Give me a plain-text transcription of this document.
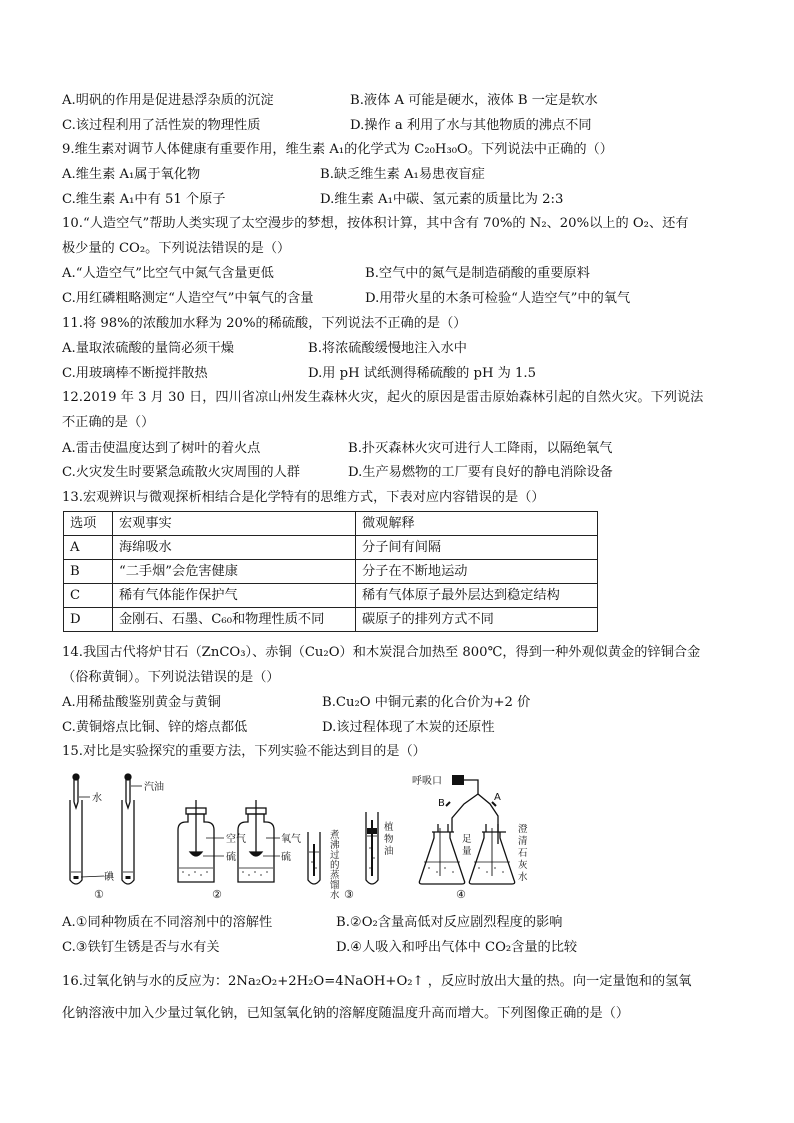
A.明矾的作用是促进悬浮杂质的沉淀	B.液体 A 可能是硬水，液体 B 一定是软水
C.该过程利用了活性炭的物理性质	D.操作 a 利用了水与其他物质的沸点不同
9.维生素对调节人体健康有重要作用，维生素 A₁的化学式为 C₂₀H₃₀O。下列说法中正确的（）
A.维生素 A₁属于氧化物	B.缺乏维生素 A₁易患夜盲症
C.维生素 A₁中有 51 个原子	D.维生素 A₁中碳、氢元素的质量比为 2:3
10.“人造空气”帮助人类实现了太空漫步的梦想，按体积计算，其中含有 70%的 N₂、20%以上的 O₂、还有
极少量的 CO₂。下列说法错误的是（）
A.“人造空气”比空气中氮气含量更低	B.空气中的氮气是制造硝酸的重要原料
C.用红磷粗略测定“人造空气”中氧气的含量	D.用带火星的木条可检验“人造空气”中的氧气
11.将 98%的浓酸加水释为 20%的稀硫酸，下列说法不正确的是（）
A.量取浓硫酸的量筒必须干燥	B.将浓硫酸缓慢地注入水中
C.用玻璃棒不断搅拌散热	D.用 pH 试纸测得稀硫酸的 pH 为 1.5
12.2019 年 3 月 30 日，四川省凉山州发生森林火灾，起火的原因是雷击原始森林引起的自然火灾。下列说法
不正确的是（）
A.雷击使温度达到了树叶的着火点	B.扑灭森林火灾可进行人工降雨，以隔绝氧气
C.火灾发生时要紧急疏散火灾周围的人群	D.生产易燃物的工厂要有良好的静电消除设备
13.宏观辨识与微观探析相结合是化学特有的思维方式，下表对应内容错误的是（）
选项	宏观事实	微观解释
A	海绵吸水	分子间有间隔
B	“二手烟”会危害健康	分子在不断地运动
C	稀有气体能作保护气	稀有气体原子最外层达到稳定结构
D	金刚石、石墨、C₆₀和物理性质不同	碳原子的排列方式不同
14.我国古代将炉甘石（ZnCO₃）、赤铜（Cu₂O）和木炭混合加热至 800℃，得到一种外观似黄金的锌铜合金
（俗称黄铜）。下列说法错误的是（）
A.用稀盐酸鉴别黄金与黄铜	B.Cu₂O 中铜元素的化合价为+2 价
C.黄铜熔点比铜、锌的熔点都低	D.该过程体现了木炭的还原性
15.对比是实验探究的重要方法，下列实验不能达到目的是（）
水
汽油
碘
①
空气
硫
氧气
硫
②
煮 沸 过 的 蒸 馏 水
植 物 油
③
呼吸口
B
A
足 量
澄 清 石 灰 水
④
A.①同种物质在不同溶剂中的溶解性	B.②O₂含量高低对反应剧烈程度的影响
C.③铁钉生锈是否与水有关	D.④人吸入和呼出气体中 CO₂含量的比较
16.过氧化钠与水的反应为：2Na₂O₂+2H₂O=4NaOH+O₂↑ ，反应时放出大量的热。向一定量饱和的氢氧
化钠溶液中加入少量过氧化钠，已知氢氧化钠的溶解度随温度升高而增大。下列图像正确的是（）
